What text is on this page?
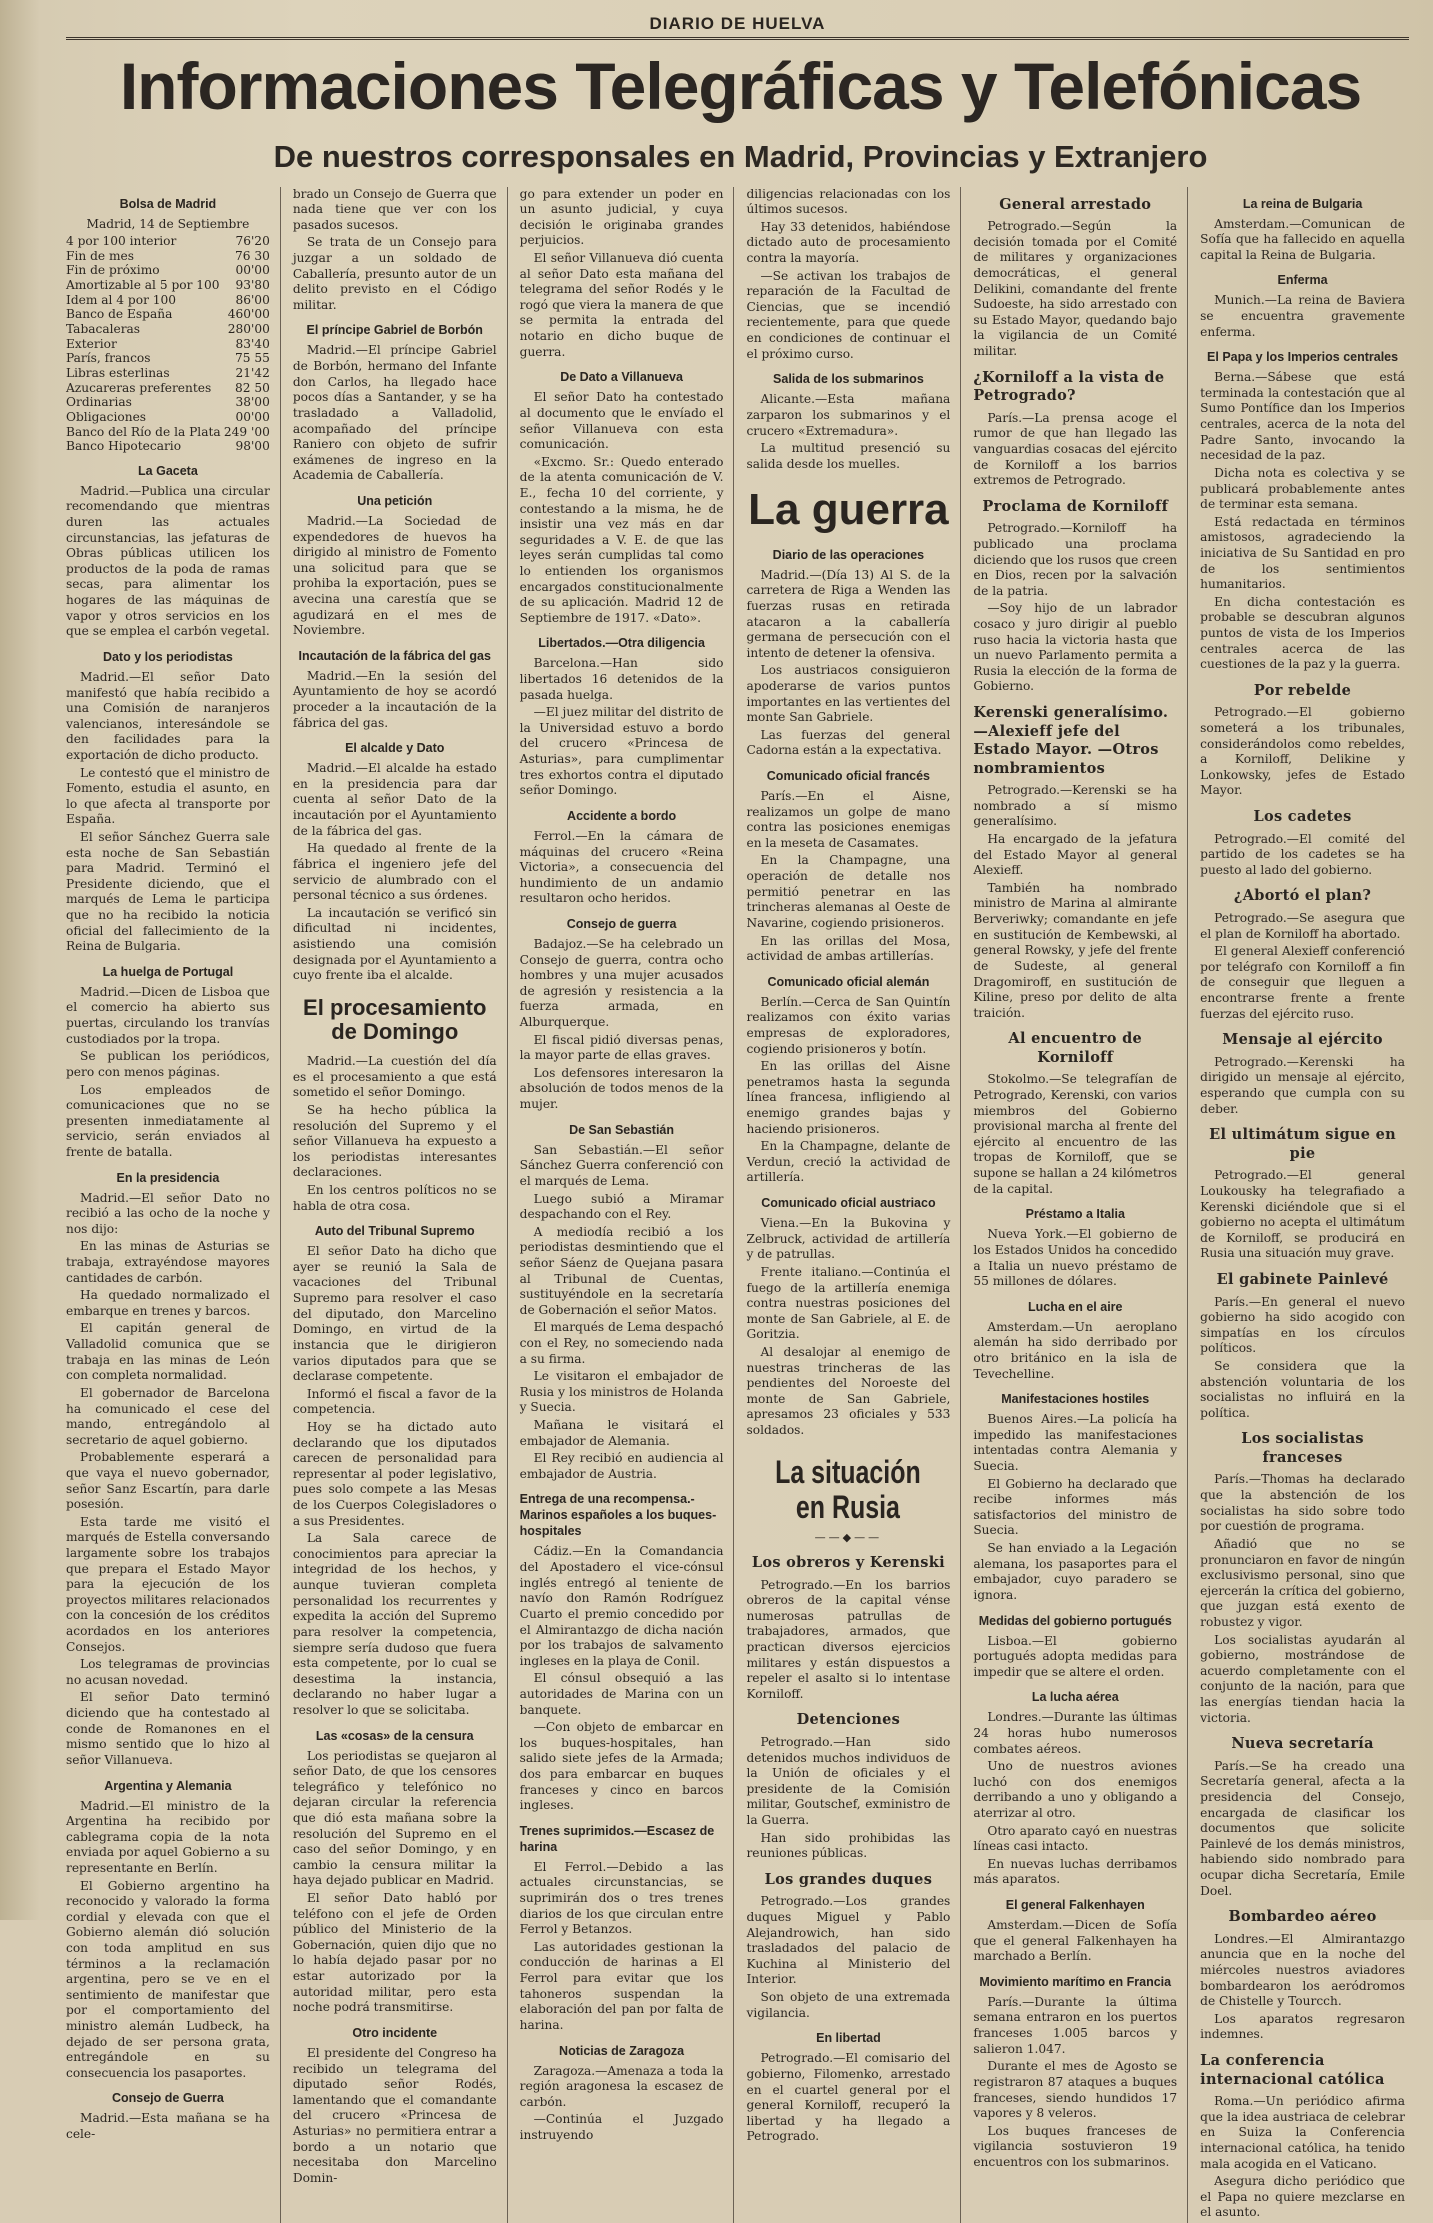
DIARIO DE HUELVA
Informaciones Telegráficas y Telefónicas
De nuestros corresponsales en Madrid, Provincias y Extranjero
Bolsa de Madrid

Madrid, 14 de Septiembre

4 por 100 interior	76'20
Fin de mes	76 30
Fin de próximo	00'00
Amortizable al 5 por 100 93'80
Idem al 4 por 100	86'00
Banco de España	460'00
Tabacaleras	280'00
Exterior	83'40
París, francos	75 55
Libras esterlinas	21'42
Azucareras preferentes 82 50
Ordinarias	38'00
Obligaciones	00'00
Banco del Río de la Plata 249 '00
Banco Hipotecario	98'00
La Gaceta

Madrid.—Publica una circular recomendando que mientras duren las actuales circunstancias, las jefaturas de Obras públicas utilicen los productos de la poda de ramas secas, para alimentar los hogares de las máquinas de vapor y otros servicios en los que se emplea el carbón vegetal.

Dato y los periodistas

Madrid.—El señor Dato manifestó que había recibido a una Comisión de naranjeros valencianos, interesándole se den facilidades para la exportación de dicho producto.

Le contestó que el ministro de Fomento, estudia el asunto, en lo que afecta al transporte por España.

El señor Sánchez Guerra sale esta noche de San Sebastián para Madrid. Terminó el Presidente diciendo, que el marqués de Lema le participa que no ha recibido la noticia oficial del fallecimiento de la Reina de Bulgaria.

La huelga de Portugal

Madrid.—Dicen de Lisboa que el comercio ha abierto sus puertas, circulando los tranvías custodiados por la tropa.

Se publican los periódicos, pero con menos páginas.

Los empleados de comunicaciones que no se presenten inmediatamente al servicio, serán enviados al frente de batalla.

En la presidencia

Madrid.—El señor Dato no recibió a las ocho de la noche y nos dijo:

En las minas de Asturias se trabaja, extrayéndose mayores cantidades de carbón.

Ha quedado normalizado el embarque en trenes y barcos.

El capitán general de Valladolid comunica que se trabaja en las minas de León con completa normalidad.

El gobernador de Barcelona ha comunicado el cese del mando, entregándolo al secretario de aquel gobierno.

Probablemente esperará a que vaya el nuevo gobernador, señor Sanz Escartín, para darle posesión.

Esta tarde me visitó el marqués de Estella conversando largamente sobre los trabajos que prepara el Estado Mayor para la ejecución de los proyectos militares relacionados con la concesión de los créditos acordados en los anteriores Consejos.

Los telegramas de provincias no acusan novedad.

El señor Dato terminó diciendo que ha contestado al conde de Romanones en el mismo sentido que lo hizo al señor Villanueva.

Argentina y Alemania

Madrid.—El ministro de la Argentina ha recibido por cablegrama copia de la nota enviada por aquel Gobierno a su representante en Berlín.

El Gobierno argentino ha reconocido y valorado la forma cordial y elevada con que el Gobierno alemán dió solución con toda amplitud en sus términos a la reclamación argentina, pero se ve en el sentimiento de manifestar que por el comportamiento del ministro alemán Ludbeck, ha dejado de ser persona grata, entregándole en su consecuencia los pasaportes.

Consejo de Guerra

Madrid.—Esta mañana se ha cele-

brado un Consejo de Guerra que nada tiene que ver con los pasados sucesos.

Se trata de un Consejo para juzgar a un soldado de Caballería, presunto autor de un delito previsto en el Código militar.

El príncipe Gabriel de Borbón

Madrid.—El príncipe Gabriel de Borbón, hermano del Infante don Carlos, ha llegado hace pocos días a Santander, y se ha trasladado a Valladolid, acompañado del príncipe Raniero con objeto de sufrir exámenes de ingreso en la Academia de Caballería.

Una petición

Madrid.—La Sociedad de expendedores de huevos ha dirigido al ministro de Fomento una solicitud para que se prohiba la exportación, pues se avecina una carestía que se agudizará en el mes de Noviembre.

Incautación de la fábrica del gas

Madrid.—En la sesión del Ayuntamiento de hoy se acordó proceder a la incautación de la fábrica del gas.

El alcalde y Dato

Madrid.—El alcalde ha estado en la presidencia para dar cuenta al señor Dato de la incautación por el Ayuntamiento de la fábrica del gas.

Ha quedado al frente de la fábrica el ingeniero jefe del servicio de alumbrado con el personal técnico a sus órdenes.

La incautación se verificó sin dificultad ni incidentes, asistiendo una comisión designada por el Ayuntamiento a cuyo frente iba el alcalde.

El procesamiento de Domingo

Madrid.—La cuestión del día es el procesamiento a que está sometido el señor Domingo.

Se ha hecho pública la resolución del Supremo y el señor Villanueva ha expuesto a los periodistas interesantes declaraciones.

En los centros políticos no se habla de otra cosa.

Auto del Tribunal Supremo

El señor Dato ha dicho que ayer se reunió la Sala de vacaciones del Tribunal Supremo para resolver el caso del diputado, don Marcelino Domingo, en virtud de la instancia que le dirigieron varios diputados para que se declarase competente.

Informó el fiscal a favor de la competencia.

Hoy se ha dictado auto declarando que los diputados carecen de personalidad para representar al poder legislativo, pues solo compete a las Mesas de los Cuerpos Colegisladores o a sus Presidentes.

La Sala carece de conocimientos para apreciar la integridad de los hechos, y aunque tuvieran completa personalidad los recurrentes y expedita la acción del Supremo para resolver la competencia, siempre sería dudoso que fuera esta competente, por lo cual se desestima la instancia, declarando no haber lugar a resolver lo que se solicitaba.

Las «cosas» de la censura

Los periodistas se quejaron al señor Dato, de que los censores telegráfico y telefónico no dejaran circular la referencia que dió esta mañana sobre la resolución del Supremo en el caso del señor Domingo, y en cambio la censura militar la haya dejado publicar en Madrid.

El señor Dato habló por teléfono con el jefe de Orden público del Ministerio de la Gobernación, quien dijo que no lo había dejado pasar por no estar autorizado por la autoridad militar, pero esta noche podrá transmitirse.

Otro incidente

El presidente del Congreso ha recibido un telegrama del diputado señor Rodés, lamentando que el comandante del crucero «Princesa de Asturias» no permitiera entrar a bordo a un notario que necesitaba don Marcelino Domin-

go para extender un poder en un asunto judicial, y cuya decisión le originaba grandes perjuicios.

El señor Villanueva dió cuenta al señor Dato esta mañana del telegrama del señor Rodés y le rogó que viera la manera de que se permita la entrada del notario en dicho buque de guerra.

De Dato a Villanueva

El señor Dato ha contestado al documento que le envíado el señor Villanueva con esta comunicación.

«Excmo. Sr.: Quedo enterado de la atenta comunicación de V. E., fecha 10 del corriente, y contestando a la misma, he de insistir una vez más en dar seguridades a V. E. de que las leyes serán cumplidas tal como lo entienden los organismos encargados constitucionalmente de su aplicación. Madrid 12 de Septiembre de 1917. «Dato».

Libertados.—Otra diligencia

Barcelona.—Han sido libertados 16 detenidos de la pasada huelga.

—El juez militar del distrito de la Universidad estuvo a bordo del crucero «Princesa de Asturias», para cumplimentar tres exhortos contra el diputado señor Domingo.

Accidente a bordo

Ferrol.—En la cámara de máquinas del crucero «Reina Victoria», a consecuencia del hundimiento de un andamio resultaron ocho heridos.

Consejo de guerra

Badajoz.—Se ha celebrado un Consejo de guerra, contra ocho hombres y una mujer acusados de agresión y resistencia a la fuerza armada, en Alburquerque.

El fiscal pidió diversas penas, la mayor parte de ellas graves.

Los defensores interesaron la absolución de todos menos de la mujer.

De San Sebastián

San Sebastián.—El señor Sánchez Guerra conferenció con el marqués de Lema.

Luego subió a Miramar despachando con el Rey.

A mediodía recibió a los periodistas desmintiendo que el señor Sáenz de Quejana pasara al Tribunal de Cuentas, sustituyéndole en la secretaría de Gobernación el señor Matos.

El marqués de Lema despachó con el Rey, no someciendo nada a su firma.

Le visitaron el embajador de Rusia y los ministros de Holanda y Suecia.

Mañana le visitará el embajador de Alemania.

El Rey recibió en audiencia al embajador de Austria.

Entrega de una recompensa.-Marinos españoles a los buques-hospitales

Cádiz.—En la Comandancia del Apostadero el vice-cónsul inglés entregó al teniente de navío don Ramón Rodríguez Cuarto el premio concedido por el Almirantazgo de dicha nación por los trabajos de salvamento ingleses en la playa de Conil.

El cónsul obsequió a las autoridades de Marina con un banquete.

—Con objeto de embarcar en los buques-hospitales, han salido siete jefes de la Armada; dos para embarcar en buques franceses y cinco en barcos ingleses.

Trenes suprimidos.—Escasez de harina

El Ferrol.—Debido a las actuales circunstancias, se suprimirán dos o tres trenes diarios de los que circulan entre Ferrol y Betanzos.

Las autoridades gestionan la conducción de harinas a El Ferrol para evitar que los tahoneros suspendan la elaboración del pan por falta de harina.

Noticias de Zaragoza

Zaragoza.—Amenaza a toda la región aragonesa la escasez de carbón.

—Continúa el Juzgado instruyendo

diligencias relacionadas con los últimos sucesos.

Hay 33 detenidos, habiéndose dictado auto de procesamiento contra la mayoría.

—Se activan los trabajos de reparación de la Facultad de Ciencias, que se incendió recientemente, para que quede en condiciones de continuar el el próximo curso.

Salida de los submarinos

Alicante.—Esta mañana zarparon los submarinos y el crucero «Extremadura».

La multitud presenció su salida desde los muelles.

La guerra
Diario de las operaciones

Madrid.—(Día 13) Al S. de la carretera de Riga a Wenden las fuerzas rusas en retirada atacaron a la caballería germana de persecución con el intento de detener la ofensiva.

Los austriacos consiguieron apoderarse de varios puntos importantes en las vertientes del monte San Gabriele.

Las fuerzas del general Cadorna están a la expectativa.

Comunicado oficial francés

París.—En el Aisne, realizamos un golpe de mano contra las posiciones enemigas en la meseta de Casamates.

En la Champagne, una operación de detalle nos permitió penetrar en las trincheras alemanas al Oeste de Navarine, cogiendo prisioneros.

En las orillas del Mosa, actividad de ambas artillerías.

Comunicado oficial alemán

Berlín.—Cerca de San Quintín realizamos con éxito varias empresas de exploradores, cogiendo prisioneros y botín.

En las orillas del Aisne penetramos hasta la segunda línea francesa, infligiendo al enemigo grandes bajas y haciendo prisioneros.

En la Champagne, delante de Verdun, creció la actividad de artillería.

Comunicado oficial austriaco

Viena.—En la Bukovina y Zelbruck, actividad de artillería y de patrullas.

Frente italiano.—Continúa el fuego de la artillería enemiga contra nuestras posiciones del monte de San Gabriele, al E. de Goritzia.

Al desalojar al enemigo de nuestras trincheras de las pendientes del Noroeste del monte de San Gabriele, apresamos 23 oficiales y 533 soldados.

La situación en Rusia
——◆——
Los obreros y Kerenski

Petrogrado.—En los barrios obreros de la capital vénse numerosas patrullas de trabajadores, armados, que practican diversos ejercicios militares y están dispuestos a repeler el asalto si lo intentase Korniloff.

Detenciones

Petrogrado.—Han sido detenidos muchos individuos de la Unión de oficiales y el presidente de la Comisión militar, Goutschef, exministro de la Guerra.

Han sido prohibidas las reuniones públicas.

Los grandes duques

Petrogrado.—Los grandes duques Miguel y Pablo Alejandrowich, han sido trasladados del palacio de Kuchina al Ministerio del Interior.

Son objeto de una extremada vigilancia.

En libertad

Petrogrado.—El comisario del gobierno, Filomenko, arrestado en el cuartel general por el general Korniloff, recuperó la libertad y ha llegado a Petrogrado.

General arrestado

Petrogrado.—Según la decisión tomada por el Comité de militares y organizaciones democráticas, el general Delikini, comandante del frente Sudoeste, ha sido arrestado con su Estado Mayor, quedando bajo la vigilancia de un Comité militar.

¿Korniloff a la vista de Petrogrado?

París.—La prensa acoge el rumor de que han llegado las vanguardias cosacas del ejército de Korniloff a los barrios extremos de Petrogrado.

Proclama de Korniloff

Petrogrado.—Korniloff ha publicado una proclama diciendo que los rusos que creen en Dios, recen por la salvación de la patria.

—Soy hijo de un labrador cosaco y juro dirigir al pueblo ruso hacia la victoria hasta que un nuevo Parlamento permita a Rusia la elección de la forma de Gobierno.

Kerenski generalísimo.—Alexieff jefe del Estado Mayor. —Otros nombramientos

Petrogrado.—Kerenski se ha nombrado a sí mismo generalísimo.

Ha encargado de la jefatura del Estado Mayor al general Alexieff.

También ha nombrado ministro de Marina al almirante Berveriwky; comandante en jefe en sustitución de Kembewski, al general Rowsky, y jefe del frente de Sudeste, al general Dragomiroff, en sustitución de Kiline, preso por delito de alta traición.

Al encuentro de Korniloff

Stokolmo.—Se telegrafían de Petrogrado, Kerenski, con varios miembros del Gobierno provisional marcha al frente del ejército al encuentro de las tropas de Korniloff, que se supone se hallan a 24 kilómetros de la capital.

Préstamo a Italia

Nueva York.—El gobierno de los Estados Unidos ha concedido a Italia un nuevo préstamo de 55 millones de dólares.

Lucha en el aire

Amsterdam.—Un aeroplano alemán ha sido derribado por otro británico en la isla de Tevechelline.

Manifestaciones hostiles

Buenos Aires.—La policía ha impedido las manifestaciones intentadas contra Alemania y Suecia.

El Gobierno ha declarado que recibe informes más satisfactorios del ministro de Suecia.

Se han enviado a la Legación alemana, los pasaportes para el embajador, cuyo paradero se ignora.

Medidas del gobierno portugués

Lisboa.—El gobierno portugués adopta medidas para impedir que se altere el orden.

La lucha aérea

Londres.—Durante las últimas 24 horas hubo numerosos combates aéreos.

Uno de nuestros aviones luchó con dos enemigos derribando a uno y obligando a aterrizar al otro.

Otro aparato cayó en nuestras líneas casi intacto.

En nuevas luchas derribamos más aparatos.

El general Falkenhayen

Amsterdam.—Dicen de Sofía que el general Falkenhayen ha marchado a Berlín.

Movimiento marítimo en Francia

París.—Durante la última semana entraron en los puertos franceses 1.005 barcos y salieron 1.047.

Durante el mes de Agosto se registraron 87 ataques a buques franceses, siendo hundidos 17 vapores y 8 veleros.

Los buques franceses de vigilancia sostuvieron 19 encuentros con los submarinos.

La reina de Bulgaria

Amsterdam.—Comunican de Sofía que ha fallecido en aquella capital la Reina de Bulgaria.

Enferma

Munich.—La reina de Baviera se encuentra gravemente enferma.

El Papa y los Imperios centrales

Berna.—Sábese que está terminada la contestación que al Sumo Pontífice dan los Imperios centrales, acerca de la nota del Padre Santo, invocando la necesidad de la paz.

Dicha nota es colectiva y se publicará probablemente antes de terminar esta semana.

Está redactada en términos amistosos, agradeciendo la iniciativa de Su Santidad en pro de los sentimientos humanitarios.

En dicha contestación es probable se descubran algunos puntos de vista de los Imperios centrales acerca de las cuestiones de la paz y la guerra.

Por rebelde

Petrogrado.—El gobierno someterá a los tribunales, considerándolos como rebeldes, a Korniloff, Delikine y Lonkowsky, jefes de Estado Mayor.

Los cadetes

Petrogrado.—El comité del partido de los cadetes se ha puesto al lado del gobierno.

¿Abortó el plan?

Petrogrado.—Se asegura que el plan de Korniloff ha abortado.

El general Alexieff conferenció por telégrafo con Korniloff a fin de conseguir que lleguen a encontrarse frente a frente fuerzas del ejército ruso.

Mensaje al ejército

Petrogrado.—Kerenski ha dirigido un mensaje al ejército, esperando que cumpla con su deber.

El ultimátum sigue en pie

Petrogrado.—El general Loukousky ha telegrafiado a Kerenski diciéndole que si el gobierno no acepta el ultimátum de Korniloff, se producirá en Rusia una situación muy grave.

El gabinete Painlevé

París.—En general el nuevo gobierno ha sido acogido con simpatías en los círculos políticos.

Se considera que la abstención voluntaria de los socialistas no influirá en la política.

Los socialistas franceses

París.—Thomas ha declarado que la abstención de los socialistas ha sido sobre todo por cuestión de programa.

Añadió que no se pronunciaron en favor de ningún exclusivismo personal, sino que ejercerán la crítica del gobierno, que juzgan está exento de robustez y vigor.

Los socialistas ayudarán al gobierno, mostrándose de acuerdo completamente con el conjunto de la nación, para que las energías tiendan hacia la victoria.

Nueva secretaría

París.—Se ha creado una Secretaría general, afecta a la presidencia del Consejo, encargada de clasificar los documentos que solicite Painlevé de los demás ministros, habiendo sido nombrado para ocupar dicha Secretaría, Emile Doel.

Bombardeo aéreo

Londres.—El Almirantazgo anuncia que en la noche del miércoles nuestros aviadores bombardearon los aeródromos de Chistelle y Tourcch.

Los aparatos regresaron indemnes.

La conferencia internacional católica

Roma.—Un periódico afirma que la idea austriaca de celebrar en Suiza la Conferencia internacional católica, ha tenido mala acogida en el Vaticano.

Asegura dicho periódico que el Papa no quiere mezclarse en el asunto.
